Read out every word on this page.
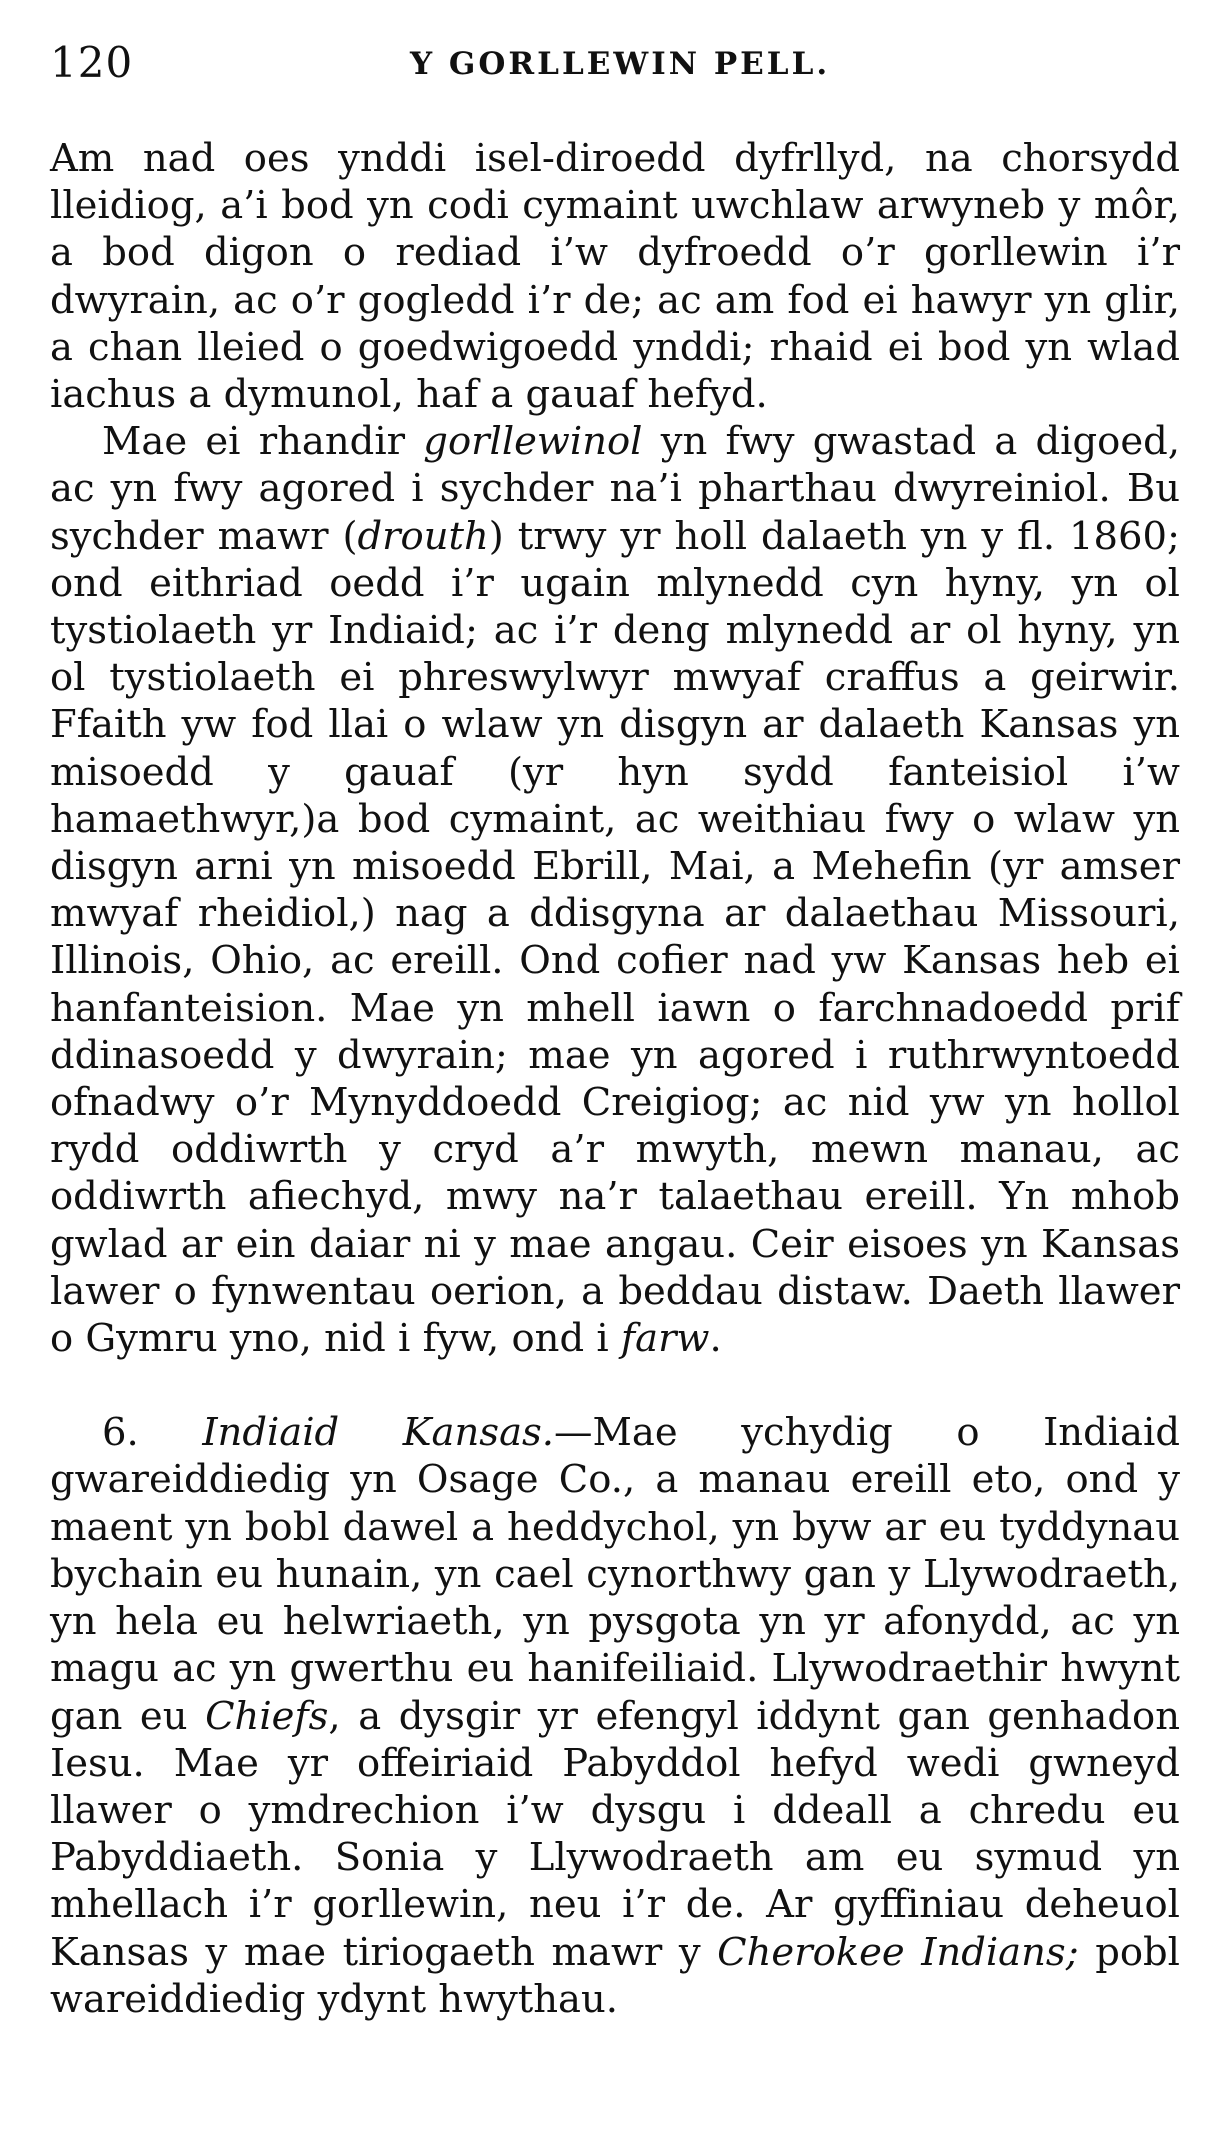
120	Y GORLLEWIN PELL.

Am nad oes ynddi isel-diroedd dyfrllyd, na chorsydd lleidiog, a’i bod yn codi cymaint uwchlaw arwyneb y môr, a bod digon o rediad i’w dyfroedd o’r gorllewin i’r dwyrain, ac o’r gogledd i’r de; ac am fod ei hawyr yn glir, a chan lleied o goedwigoedd ynddi; rhaid ei bod yn wlad iachus a dymunol, haf a gauaf hefyd.

Mae ei rhandir gorllewinol yn fwy gwastad a digoed, ac yn fwy agored i sychder na’i pharthau dwyreiniol. Bu sychder mawr (drouth) trwy yr holl dalaeth yn y fl. 1860; ond eithriad oedd i’r ugain mlynedd cyn hyny, yn ol tystiolaeth yr Indiaid; ac i’r deng mlynedd ar ol hyny, yn ol tystiolaeth ei phreswylwyr mwyaf craffus a geirwir. Ffaith yw fod llai o wlaw yn disgyn ar dalaeth Kansas yn misoedd y gauaf (yr hyn sydd fanteisiol i’w hamaethwyr,)a bod cymaint, ac weithiau fwy o wlaw yn disgyn arni yn misoedd Ebrill, Mai, a Mehefin (yr amser mwyaf rheidiol,) nag a ddisgyna ar dalaethau Missouri, Illinois, Ohio, ac ereill. Ond cofier nad yw Kansas heb ei hanfanteision. Mae yn mhell iawn o farchnadoedd prif ddinasoedd y dwyrain; mae yn agored i ruthrwyntoedd ofnadwy o’r Mynyddoedd Creigiog; ac nid yw yn hollol rydd oddiwrth y cryd a’r mwyth, mewn manau, ac oddiwrth afiechyd, mwy na’r talaethau ereill. Yn mhob gwlad ar ein daiar ni y mae angau. Ceir eisoes yn Kansas lawer o fynwentau oerion, a beddau distaw. Daeth llawer o Gymru yno, nid i fyw, ond i farw.

6. Indiaid Kansas.—Mae ychydig o Indiaid gwareiddiedig yn Osage Co., a manau ereill eto, ond y maent yn bobl dawel a heddychol, yn byw ar eu tyddynau bychain eu hunain, yn cael cynorthwy gan y Llywodraeth, yn hela eu helwriaeth, yn pysgota yn yr afonydd, ac yn magu ac yn gwerthu eu hanifeiliaid. Llywodraethir hwynt gan eu Chiefs, a dysgir yr efengyl iddynt gan genhadon Iesu. Mae yr offeiriaid Pabyddol hefyd wedi gwneyd llawer o ymdrechion i’w dysgu i ddeall a chredu eu Pabyddiaeth. Sonia y Llywodraeth am eu symud yn mhellach i’r gorllewin, neu i’r de. Ar gyffiniau deheuol Kansas y mae tiriogaeth mawr y Cherokee Indians; pobl wareiddiedig ydynt hwythau.
